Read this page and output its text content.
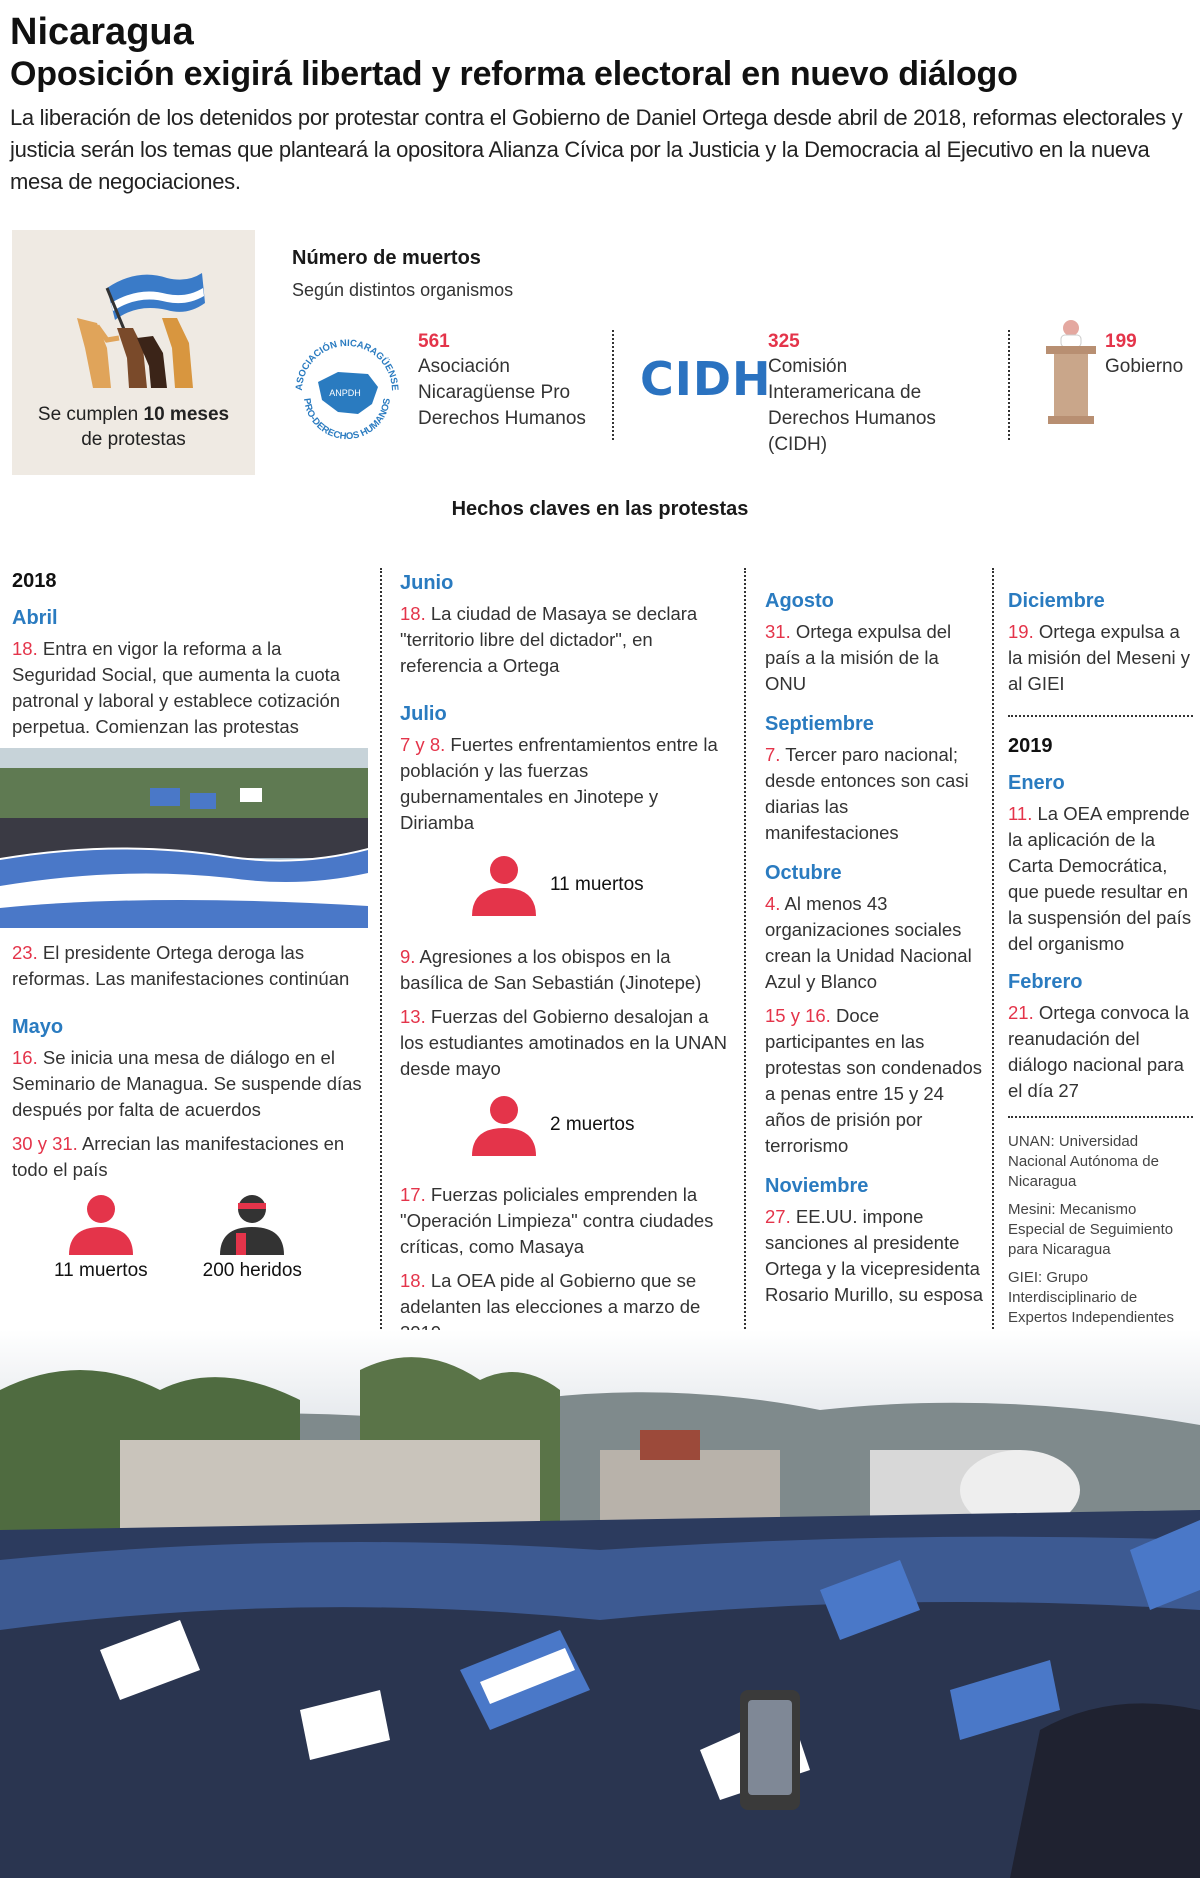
Nicaragua
Oposición exigirá libertad y reforma electoral en nuevo diálogo
La liberación de los detenidos por protestar contra el Gobierno de Daniel Ortega desde abril de 2018, reformas electorales y justicia serán los temas que planteará la opositora Alianza Cívica por la Justicia y la Democracia al Ejecutivo en la nueva mesa de negociaciones.
Se cumplen 10 meses
de protestas
Número de muertos
Según distintos organismos
ASOCIACIÓN NICARAGÜENSE
PRO-DERECHOS HUMANOS
ANPDH
561
Asociación Nicaragüense Pro Derechos Humanos
CIDH
325
Comisión Interamericana de Derechos Humanos (CIDH)
199
Gobierno
Hechos claves en las protestas
2018
Abril
18. Entra en vigor la reforma a la Seguridad Social, que aumenta la cuota patronal y laboral y establece cotización perpetua. Comienzan las protestas
23. El presidente Ortega deroga las reformas. Las manifestaciones continúan
Mayo
16. Se inicia una mesa de diálogo en el Seminario de Managua. Se suspende días después por falta de acuerdos
30 y 31. Arrecian las manifestaciones en todo el país
11 muertos	200 heridos
Junio
18. La ciudad de Masaya se declara "territorio libre del dictador", en referencia a Ortega
Julio
7 y 8. Fuertes enfrentamientos entre la población y las fuerzas gubernamentales en Jinotepe y Diriamba
11 muertos
9. Agresiones a los obispos en la basílica de San Sebastián (Jinotepe)
13. Fuerzas del Gobierno desalojan a los estudiantes amotinados en la UNAN desde mayo
2 muertos
17. Fuerzas policiales emprenden la "Operación Limpieza" contra ciudades críticas, como Masaya
18. La OEA pide al Gobierno que se adelanten las elecciones a marzo de
Agosto
31. Ortega expulsa del país a la misión de la ONU
Septiembre
7. Tercer paro nacional; desde entonces son casi diarias las manifestaciones
Octubre
4. Al menos 43 organizaciones sociales crean la Unidad Nacional Azul y Blanco
15 y 16. Doce participantes en las protestas son condenados a penas entre 15 y 24 años de prisión por terrorismo
Noviembre
27. EE.UU. impone sanciones al presidente Ortega y la vicepresidenta Rosario Murillo, su esposa
Diciembre
19. Ortega expulsa a la misión del Meseni y al GIEI
2019
Enero
11. La OEA emprende la aplicación de la Carta Democrática, que puede resultar en la suspensión del país del organismo
Febrero
21. Ortega convoca la reanudación del diálogo nacional para el día 27
UNAN: Universidad Nacional Autónoma de Nicaragua
Mesini: Mecanismo Especial de Seguimiento para Nicaragua
GIEI: Grupo Interdisciplinario de Expertos Independientes
